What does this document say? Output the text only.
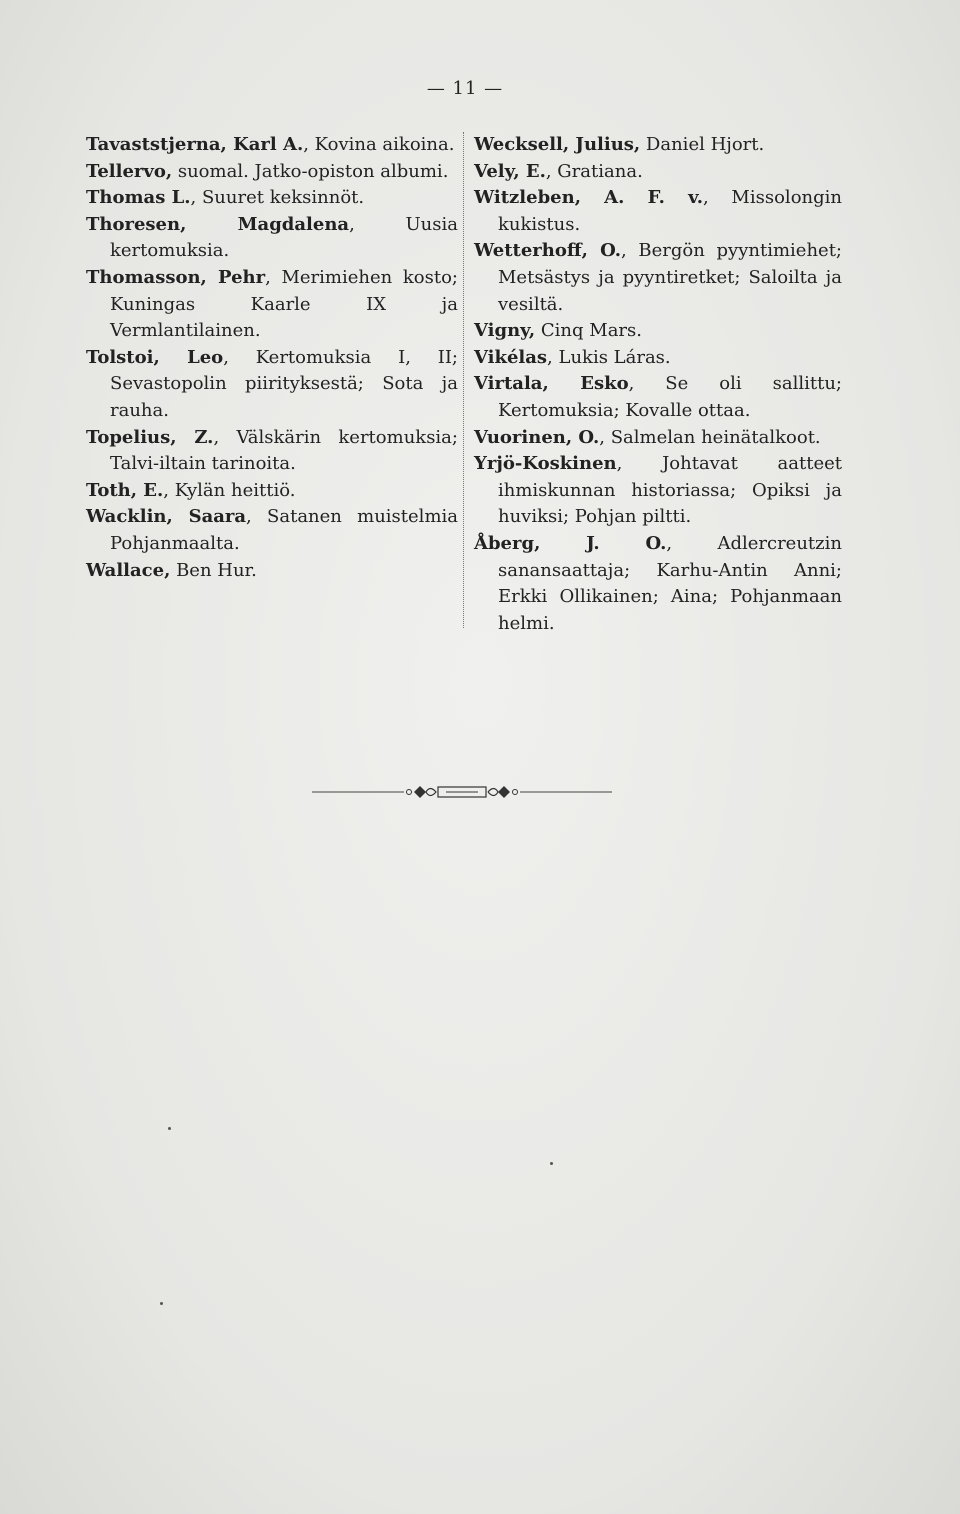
— 11 —
Tavaststjerna, Karl A., Kovina aikoina.
Tellervo, suomal. Jatko-opiston albumi.
Thomas L., Suuret keksinnöt.
Thoresen, Magdalena, Uusia kertomuksia.
Thomasson, Pehr, Merimiehen kosto; Kuningas Kaarle IX ja Vermlantilainen.
Tolstoi, Leo, Kertomuksia I, II; Sevastopolin piirityksestä; Sota ja rauha.
Topelius, Z., Välskärin kertomuksia; Talvi-iltain tarinoita.
Toth, E., Kylän heittiö.
Wacklin, Saara, Satanen muistelmia Pohjanmaalta.
Wallace, Ben Hur.
Wecksell, Julius, Daniel Hjort.
Vely, E., Gratiana.
Witzleben, A. F. v., Missolongin kukistus.
Wetterhoff, O., Bergön pyyntimiehet; Metsästys ja pyyntiretket; Saloilta ja vesiltä.
Vigny, Cinq Mars.
Vikélas, Lukis Láras.
Virtala, Esko, Se oli sallittu; Kertomuksia; Kovalle ottaa.
Vuorinen, O., Salmelan heinätalkoot.
Yrjö-Koskinen, Johtavat aatteet ihmiskunnan historiassa; Opiksi ja huviksi; Pohjan piltti.
Åberg, J. O., Adlercreutzin sanansaattaja; Karhu-Antin Anni; Erkki Ollikainen; Aina; Pohjanmaan helmi.
